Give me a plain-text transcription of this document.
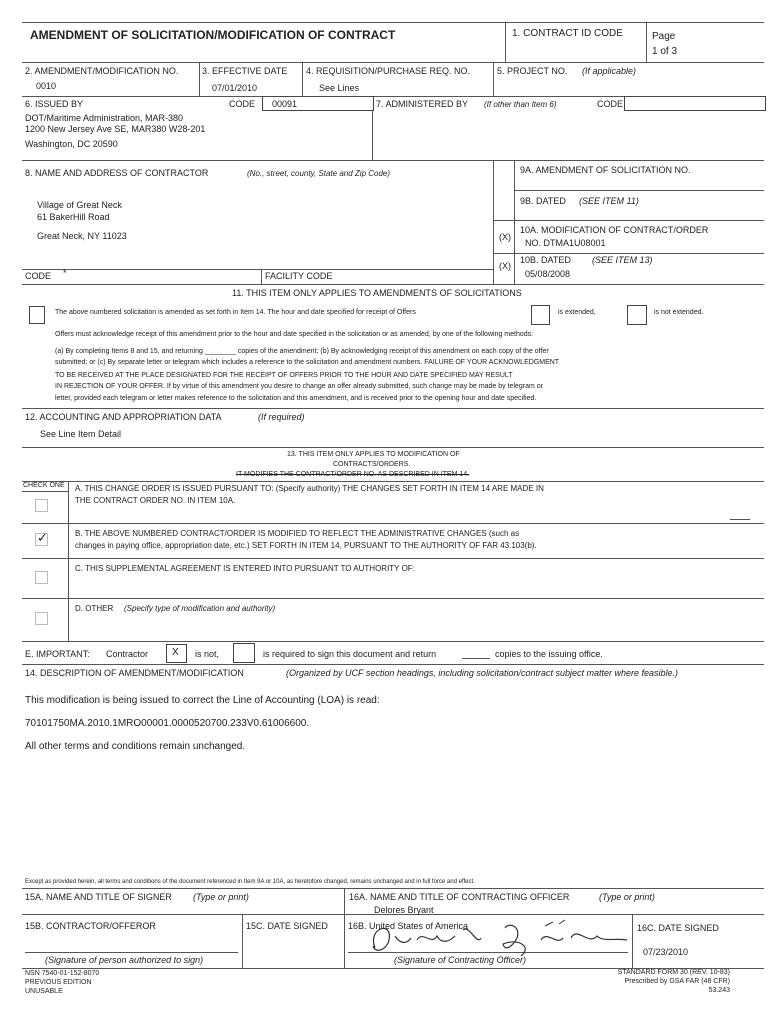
AMENDMENT OF SOLICITATION/MODIFICATION OF CONTRACT	1. CONTRACT ID CODE	Page
1 of 3
2. AMENDMENT/MODIFICATION NO.
0010
3. EFFECTIVE DATE
07/01/2010
4. REQUISITION/PURCHASE REQ. NO.
See Lines
5. PROJECT NO. (If applicable)
6. ISSUED BY	CODE 00091
DOT/Maritime Administration, MAR-380
1200 New Jersey Ave SE, MAR380 W28-201
Washington, DC 20590
7. ADMINISTERED BY (If other than Item 6)	CODE
8. NAME AND ADDRESS OF CONTRACTOR	(No., street, county, State and Zip Code)
Village of Great Neck
61 BakerHill Road
Great Neck, NY 11023
CODE *	FACILITY CODE
9A. AMENDMENT OF SOLICITATION NO.
9B. DATED (SEE ITEM 11)
(X)
10A. MODIFICATION OF CONTRACT/ORDER
NO. DTMA1U08001
(X)
10B. DATED (SEE ITEM 13)
05/08/2008
11. THIS ITEM ONLY APPLIES TO AMENDMENTS OF SOLICITATIONS
The above numbered solicitation is amended as set forth in Item 14. The hour and date specified for receipt of Offers	is extended,	is not extended.
Offers must acknowledge receipt of this amendment prior to the hour and date specified in the solicitation or as amended, by one of the following methods:
(a) By completing Items 8 and 15, and returning ________ copies of the amendment; (b) By acknowledging receipt of this amendment on each copy of the offer
submitted; or (c) By separate letter or telegram which includes a reference to the solicitation and amendment numbers. FAILURE OF YOUR ACKNOWLEDGMENT
TO BE RECEIVED AT THE PLACE DESIGNATED FOR THE RECEIPT OF OFFERS PRIOR TO THE HOUR AND DATE SPECIFIED MAY RESULT
IN REJECTION OF YOUR OFFER. If by virtue of this amendment you desire to change an offer already submitted, such change may be made by telegram or
letter, provided each telegram or letter makes reference to the solicitation and this amendment, and is received prior to the opening hour and date specified.
12. ACCOUNTING AND APPROPRIATION DATA	(If required)
See Line Item Detail
13. THIS ITEM ONLY APPLIES TO MODIFICATION OF
CONTRACTS/ORDERS.
IT MODIFIES THE CONTRACT/ORDER NO. AS DESCRIBED IN ITEM 14.
CHECK ONE A. THIS CHANGE ORDER IS ISSUED PURSUANT TO: (Specify authority) THE CHANGES SET FORTH IN ITEM 14 ARE MADE IN
THE CONTRACT ORDER NO. IN ITEM 10A.
✓	B. THE ABOVE NUMBERED CONTRACT/ORDER IS MODIFIED TO REFLECT THE ADMINISTRATIVE CHANGES (such as
changes in paying office, appropriation date, etc.) SET FORTH IN ITEM 14, PURSUANT TO THE AUTHORITY OF FAR 43.103(b).
C. THIS SUPPLEMENTAL AGREEMENT IS ENTERED INTO PURSUANT TO AUTHORITY OF:
D. OTHER (Specify type of modification and authority)
E. IMPORTANT: Contractor X is not,	is required to sign this document and return	copies to the issuing office.
14. DESCRIPTION OF AMENDMENT/MODIFICATION	(Organized by UCF section headings, including solicitation/contract subject matter where feasible.)
This modification is being issued to correct the Line of Accounting (LOA) is read:
70101750MA.2010.1MRO00001.0000520700.233V0.61006600.
All other terms and conditions remain unchanged.
Except as provided herein, all terms and conditions of the document referenced in Item 9A or 10A, as heretofore changed, remains unchanged and in full force and effect.
15A. NAME AND TITLE OF SIGNER (Type or print)	16A. NAME AND TITLE OF CONTRACTING OFFICER	(Type or print)
Delores Bryant
15B. CONTRACTOR/OFFEROR	15C. DATE SIGNED 16B. United States of America	16C. DATE SIGNED
07/23/2010
(Signature of person authorized to sign)	(Signature of Contracting Officer)
NSN 7540-01-152-8070
PREVIOUS EDITION
UNUSABLE
STANDARD FORM 30 (REV. 10-83)
Prescribed by GSA FAR (48 CFR)
53.243
